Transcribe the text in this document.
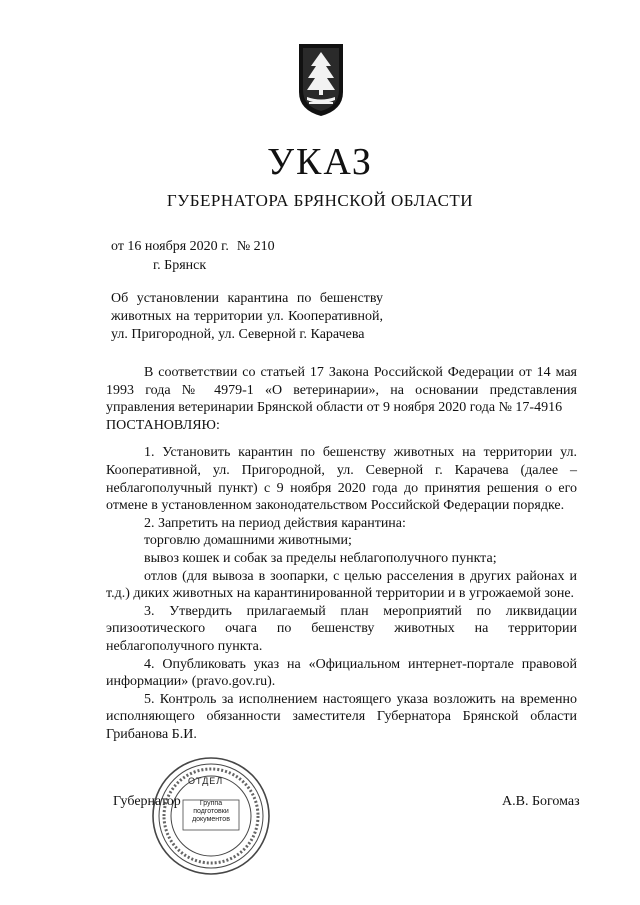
УКАЗ
ГУБЕРНАТОРА БРЯНСКОЙ ОБЛАСТИ
от 16 ноября 2020 г. № 210
г. Брянск
Об установлении карантина по бешенству
животных на территории ул. Кооперативной,
ул. Пригородной, ул. Северной г. Карачева

В соответствии со статьей 17 Закона Российской Федерации от 14 мая 1993 года № 4979-1 «О ветеринарии», на основании представления управления ветеринарии Брянской области от 9 ноября 2020 года № 17-4916

ПОСТАНОВЛЯЮ:

1. Установить карантин по бешенству животных на территории ул. Кооперативной, ул. Пригородной, ул. Северной г. Карачева (далее – неблагополучный пункт) с 9 ноября 2020 года до принятия решения о его отмене в установленном законодательством Российской Федерации порядке.

2. Запретить на период действия карантина:

торговлю домашними животными;

вывоз кошек и собак за пределы неблагополучного пункта;

отлов (для вывоза в зоопарки, с целью расселения в других районах и т.д.) диких животных на карантинированной территории и в угрожаемой зоне.

3. Утвердить прилагаемый план мероприятий по ликвидации эпизоотического очага по бешенству животных на территории неблагополучного пункта.

4. Опубликовать указ на «Официальном интернет-портале правовой информации» (pravo.gov.ru).

5. Контроль за исполнением настоящего указа возложить на временно исполняющего обязанности заместителя Губернатора Брянской области Грибанова Б.И.

Губернатор	А.В. Богомаз
ОТДЕЛ
Группа
подготовки
документов
